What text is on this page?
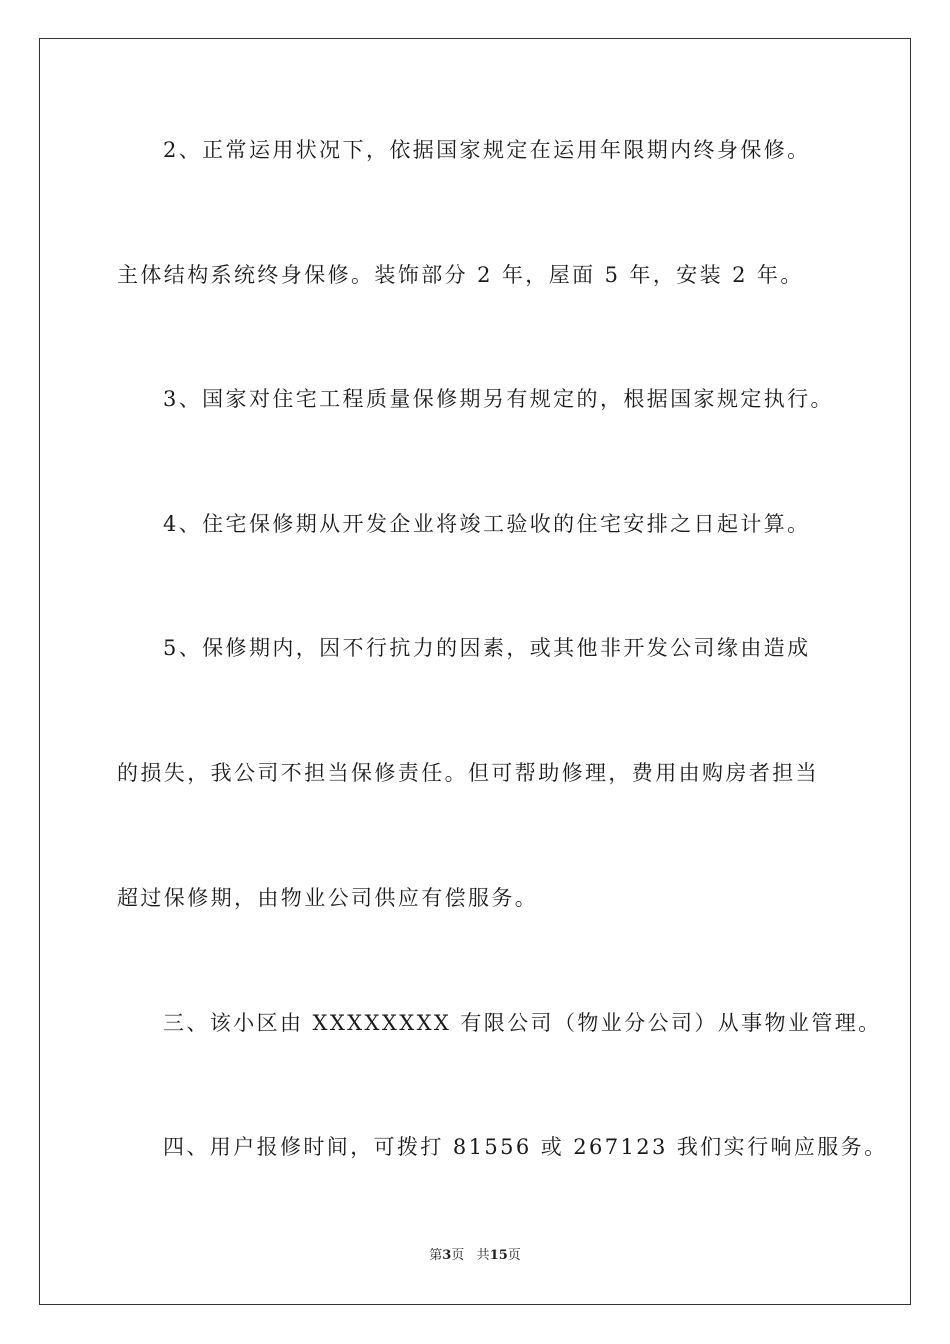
2、正常运用状况下，依据国家规定在运用年限期内终身保修。
主体结构系统终身保修。装饰部分 2 年，屋面 5 年，安装 2 年。
3、国家对住宅工程质量保修期另有规定的，根据国家规定执行。
4、住宅保修期从开发企业将竣工验收的住宅安排之日起计算。
5、保修期内，因不行抗力的因素，或其他非开发公司缘由造成
的损失，我公司不担当保修责任。但可帮助修理，费用由购房者担当
超过保修期，由物业公司供应有偿服务。
三、该小区由 XXXXXXXX 有限公司（物业分公司）从事物业管理。
四、用户报修时间，可拨打 81556 或 267123 我们实行响应服务。
第3页 共15页
